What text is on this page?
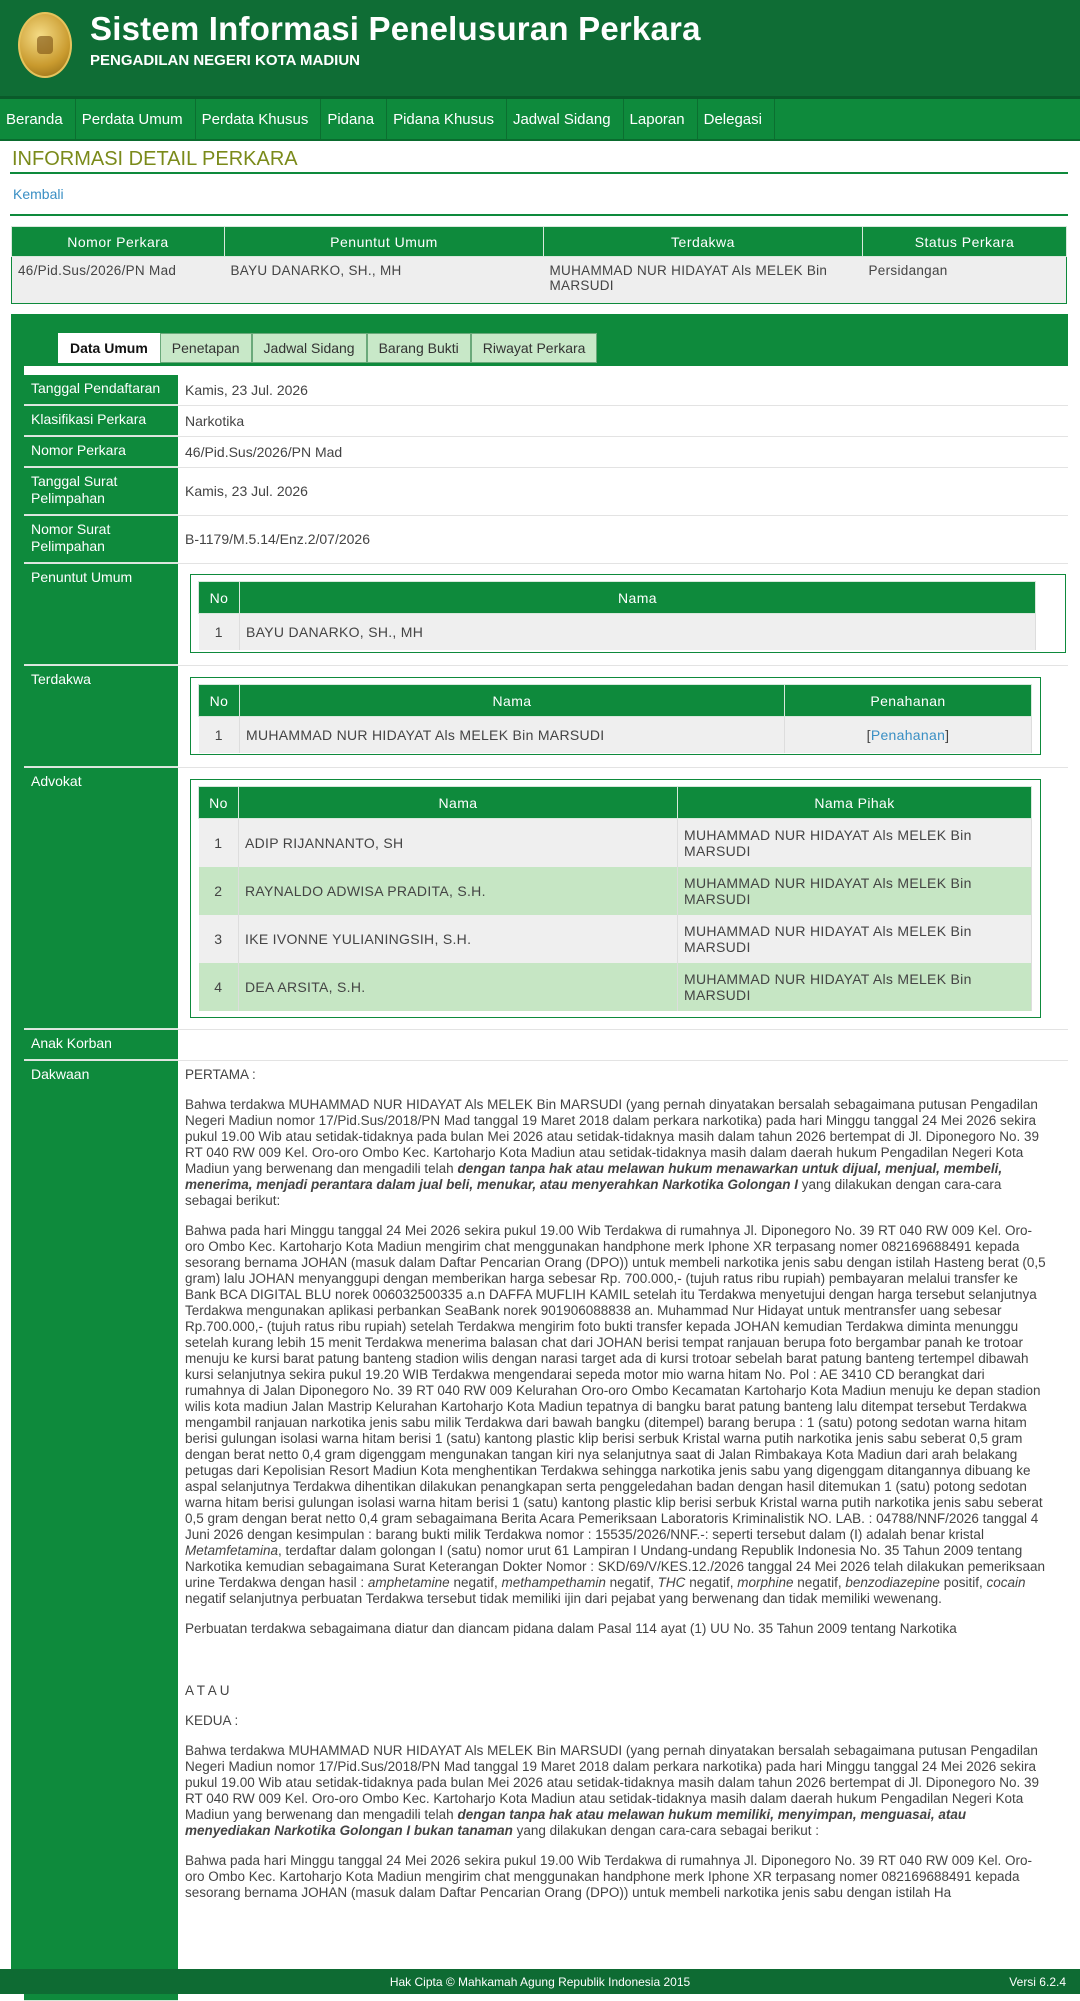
Sistem Informasi Penelusuran Perkara
PENGADILAN NEGERI KOTA MADIUN
Beranda	Perdata Umum	Perdata Khusus	Pidana	Pidana Khusus	Jadwal Sidang	Laporan	Delegasi
INFORMASI DETAIL PERKARA
Kembali
Nomor Perkara	Penuntut Umum	Terdakwa	Status Perkara
46/Pid.Sus/2026/PN Mad	BAYU DANARKO, SH., MH	MUHAMMAD NUR HIDAYAT Als MELEK Bin MARSUDI	Persidangan
Data Umum	Penetapan	Jadwal Sidang	Barang Bukti	Riwayat Perkara
Tanggal Pendaftaran	Kamis, 23 Jul. 2026
Klasifikasi Perkara	Narkotika
Nomor Perkara	46/Pid.Sus/2026/PN Mad
Tanggal Surat Pelimpahan	Kamis, 23 Jul. 2026
Nomor Surat Pelimpahan	B-1179/M.5.14/Enz.2/07/2026
Penuntut Umum
No	Nama
1	BAYU DANARKO, SH., MH
Terdakwa
No	Nama	Penahanan
1	MUHAMMAD NUR HIDAYAT Als MELEK Bin MARSUDI	[Penahanan]
Advokat
No	Nama	Nama Pihak
1	ADIP RIJANNANTO, SH	MUHAMMAD NUR HIDAYAT Als MELEK Bin MARSUDI
2	RAYNALDO ADWISA PRADITA, S.H.	MUHAMMAD NUR HIDAYAT Als MELEK Bin MARSUDI
3	IKE IVONNE YULIANINGSIH, S.H.	MUHAMMAD NUR HIDAYAT Als MELEK Bin MARSUDI
4	DEA ARSITA, S.H.	MUHAMMAD NUR HIDAYAT Als MELEK Bin MARSUDI
Anak Korban
Dakwaan	PERTAMA :

Bahwa terdakwa MUHAMMAD NUR HIDAYAT Als MELEK Bin MARSUDI (yang pernah dinyatakan bersalah sebagaimana putusan Pengadilan Negeri Madiun nomor 17/Pid.Sus/2018/PN Mad tanggal 19 Maret 2018 dalam perkara narkotika) pada hari Minggu tanggal 24 Mei 2026 sekira pukul 19.00 Wib atau setidak-tidaknya pada bulan Mei 2026 atau setidak-tidaknya masih dalam tahun 2026 bertempat di Jl. Diponegoro No. 39 RT 040 RW 009 Kel. Oro-oro Ombo Kec. Kartoharjo Kota Madiun atau setidak-tidaknya masih dalam daerah hukum Pengadilan Negeri Kota Madiun yang berwenang dan mengadili telah dengan tanpa hak atau melawan hukum menawarkan untuk dijual, menjual, membeli, menerima, menjadi perantara dalam jual beli, menukar, atau menyerahkan Narkotika Golongan I yang dilakukan dengan cara-cara sebagai berikut:

Bahwa pada hari Minggu tanggal 24 Mei 2026 sekira pukul 19.00 Wib Terdakwa di rumahnya Jl. Diponegoro No. 39 RT 040 RW 009 Kel. Oro-oro Ombo Kec. Kartoharjo Kota Madiun mengirim chat menggunakan handphone merk Iphone XR terpasang nomer 082169688491 kepada sesorang bernama JOHAN (masuk dalam Daftar Pencarian Orang (DPO)) untuk membeli narkotika jenis sabu dengan istilah Hasteng berat (0,5 gram) lalu JOHAN menyanggupi dengan memberikan harga sebesar Rp. 700.000,- (tujuh ratus ribu rupiah) pembayaran melalui transfer ke Bank BCA DIGITAL BLU norek 006032500335 a.n DAFFA MUFLIH KAMIL setelah itu Terdakwa menyetujui dengan harga tersebut selanjutnya Terdakwa mengunakan aplikasi perbankan SeaBank norek 901906088838 an. Muhammad Nur Hidayat untuk mentransfer uang sebesar Rp.700.000,- (tujuh ratus ribu rupiah) setelah Terdakwa mengirim foto bukti transfer kepada JOHAN kemudian Terdakwa diminta menunggu setelah kurang lebih 15 menit Terdakwa menerima balasan chat dari JOHAN berisi tempat ranjauan berupa foto bergambar panah ke trotoar menuju ke kursi barat patung banteng stadion wilis dengan narasi target ada di kursi trotoar sebelah barat patung banteng tertempel dibawah kursi selanjutnya sekira pukul 19.20 WIB Terdakwa mengendarai sepeda motor mio warna hitam No. Pol : AE 3410 CD berangkat dari rumahnya di Jalan Diponegoro No. 39 RT 040 RW 009 Kelurahan Oro-oro Ombo Kecamatan Kartoharjo Kota Madiun menuju ke depan stadion wilis kota madiun Jalan Mastrip Kelurahan Kartoharjo Kota Madiun tepatnya di bangku barat patung banteng lalu ditempat tersebut Terdakwa mengambil ranjauan narkotika jenis sabu milik Terdakwa dari bawah bangku (ditempel) barang berupa : 1 (satu) potong sedotan warna hitam berisi gulungan isolasi warna hitam berisi 1 (satu) kantong plastic klip berisi serbuk Kristal warna putih narkotika jenis sabu seberat 0,5 gram dengan berat netto 0,4 gram digenggam mengunakan tangan kiri nya selanjutnya saat di Jalan Rimbakaya Kota Madiun dari arah belakang petugas dari Kepolisian Resort Madiun Kota menghentikan Terdakwa sehingga narkotika jenis sabu yang digenggam ditangannya dibuang ke aspal selanjutnya Terdakwa dihentikan dilakukan penangkapan serta penggeledahan badan dengan hasil ditemukan 1 (satu) potong sedotan warna hitam berisi gulungan isolasi warna hitam berisi 1 (satu) kantong plastic klip berisi serbuk Kristal warna putih narkotika jenis sabu seberat 0,5 gram dengan berat netto 0,4 gram sebagaimana Berita Acara Pemeriksaan Laboratoris Kriminalistik NO. LAB. : 04788/NNF/2026 tanggal 4 Juni 2026 dengan kesimpulan : barang bukti milik Terdakwa nomor : 15535/2026/NNF.-: seperti tersebut dalam (I) adalah benar kristal Metamfetamina, terdaftar dalam golongan I (satu) nomor urut 61 Lampiran I Undang-undang Republik Indonesia No. 35 Tahun 2009 tentang Narkotika kemudian sebagaimana Surat Keterangan Dokter Nomor : SKD/69/V/KES.12./2026 tanggal 24 Mei 2026 telah dilakukan pemeriksaan urine Terdakwa dengan hasil : amphetamine negatif, methampethamin negatif, THC negatif, morphine negatif, benzodiazepine positif, cocain negatif selanjutnya perbuatan Terdakwa tersebut tidak memiliki ijin dari pejabat yang berwenang dan tidak memiliki wewenang.

Perbuatan terdakwa sebagaimana diatur dan diancam pidana dalam Pasal 114 ayat (1) UU No. 35 Tahun 2009 tentang Narkotika

A T A U

KEDUA :

Bahwa terdakwa MUHAMMAD NUR HIDAYAT Als MELEK Bin MARSUDI (yang pernah dinyatakan bersalah sebagaimana putusan Pengadilan Negeri Madiun nomor 17/Pid.Sus/2018/PN Mad tanggal 19 Maret 2018 dalam perkara narkotika) pada hari Minggu tanggal 24 Mei 2026 sekira pukul 19.00 Wib atau setidak-tidaknya pada bulan Mei 2026 atau setidak-tidaknya masih dalam tahun 2026 bertempat di Jl. Diponegoro No. 39 RT 040 RW 009 Kel. Oro-oro Ombo Kec. Kartoharjo Kota Madiun atau setidak-tidaknya masih dalam daerah hukum Pengadilan Negeri Kota Madiun yang berwenang dan mengadili telah dengan tanpa hak atau melawan hukum memiliki, menyimpan, menguasai, atau menyediakan Narkotika Golongan I bukan tanaman yang dilakukan dengan cara-cara sebagai berikut :

Bahwa pada hari Minggu tanggal 24 Mei 2026 sekira pukul 19.00 Wib Terdakwa di rumahnya Jl. Diponegoro No. 39 RT 040 RW 009 Kel. Oro-oro Ombo Kec. Kartoharjo Kota Madiun mengirim chat menggunakan handphone merk Iphone XR terpasang nomer 082169688491 kepada sesorang bernama JOHAN (masuk dalam Daftar Pencarian Orang (DPO)) untuk membeli narkotika jenis sabu dengan istilah Ha

Hak Cipta © Mahkamah Agung Republik Indonesia 2015	Versi 6.2.4
